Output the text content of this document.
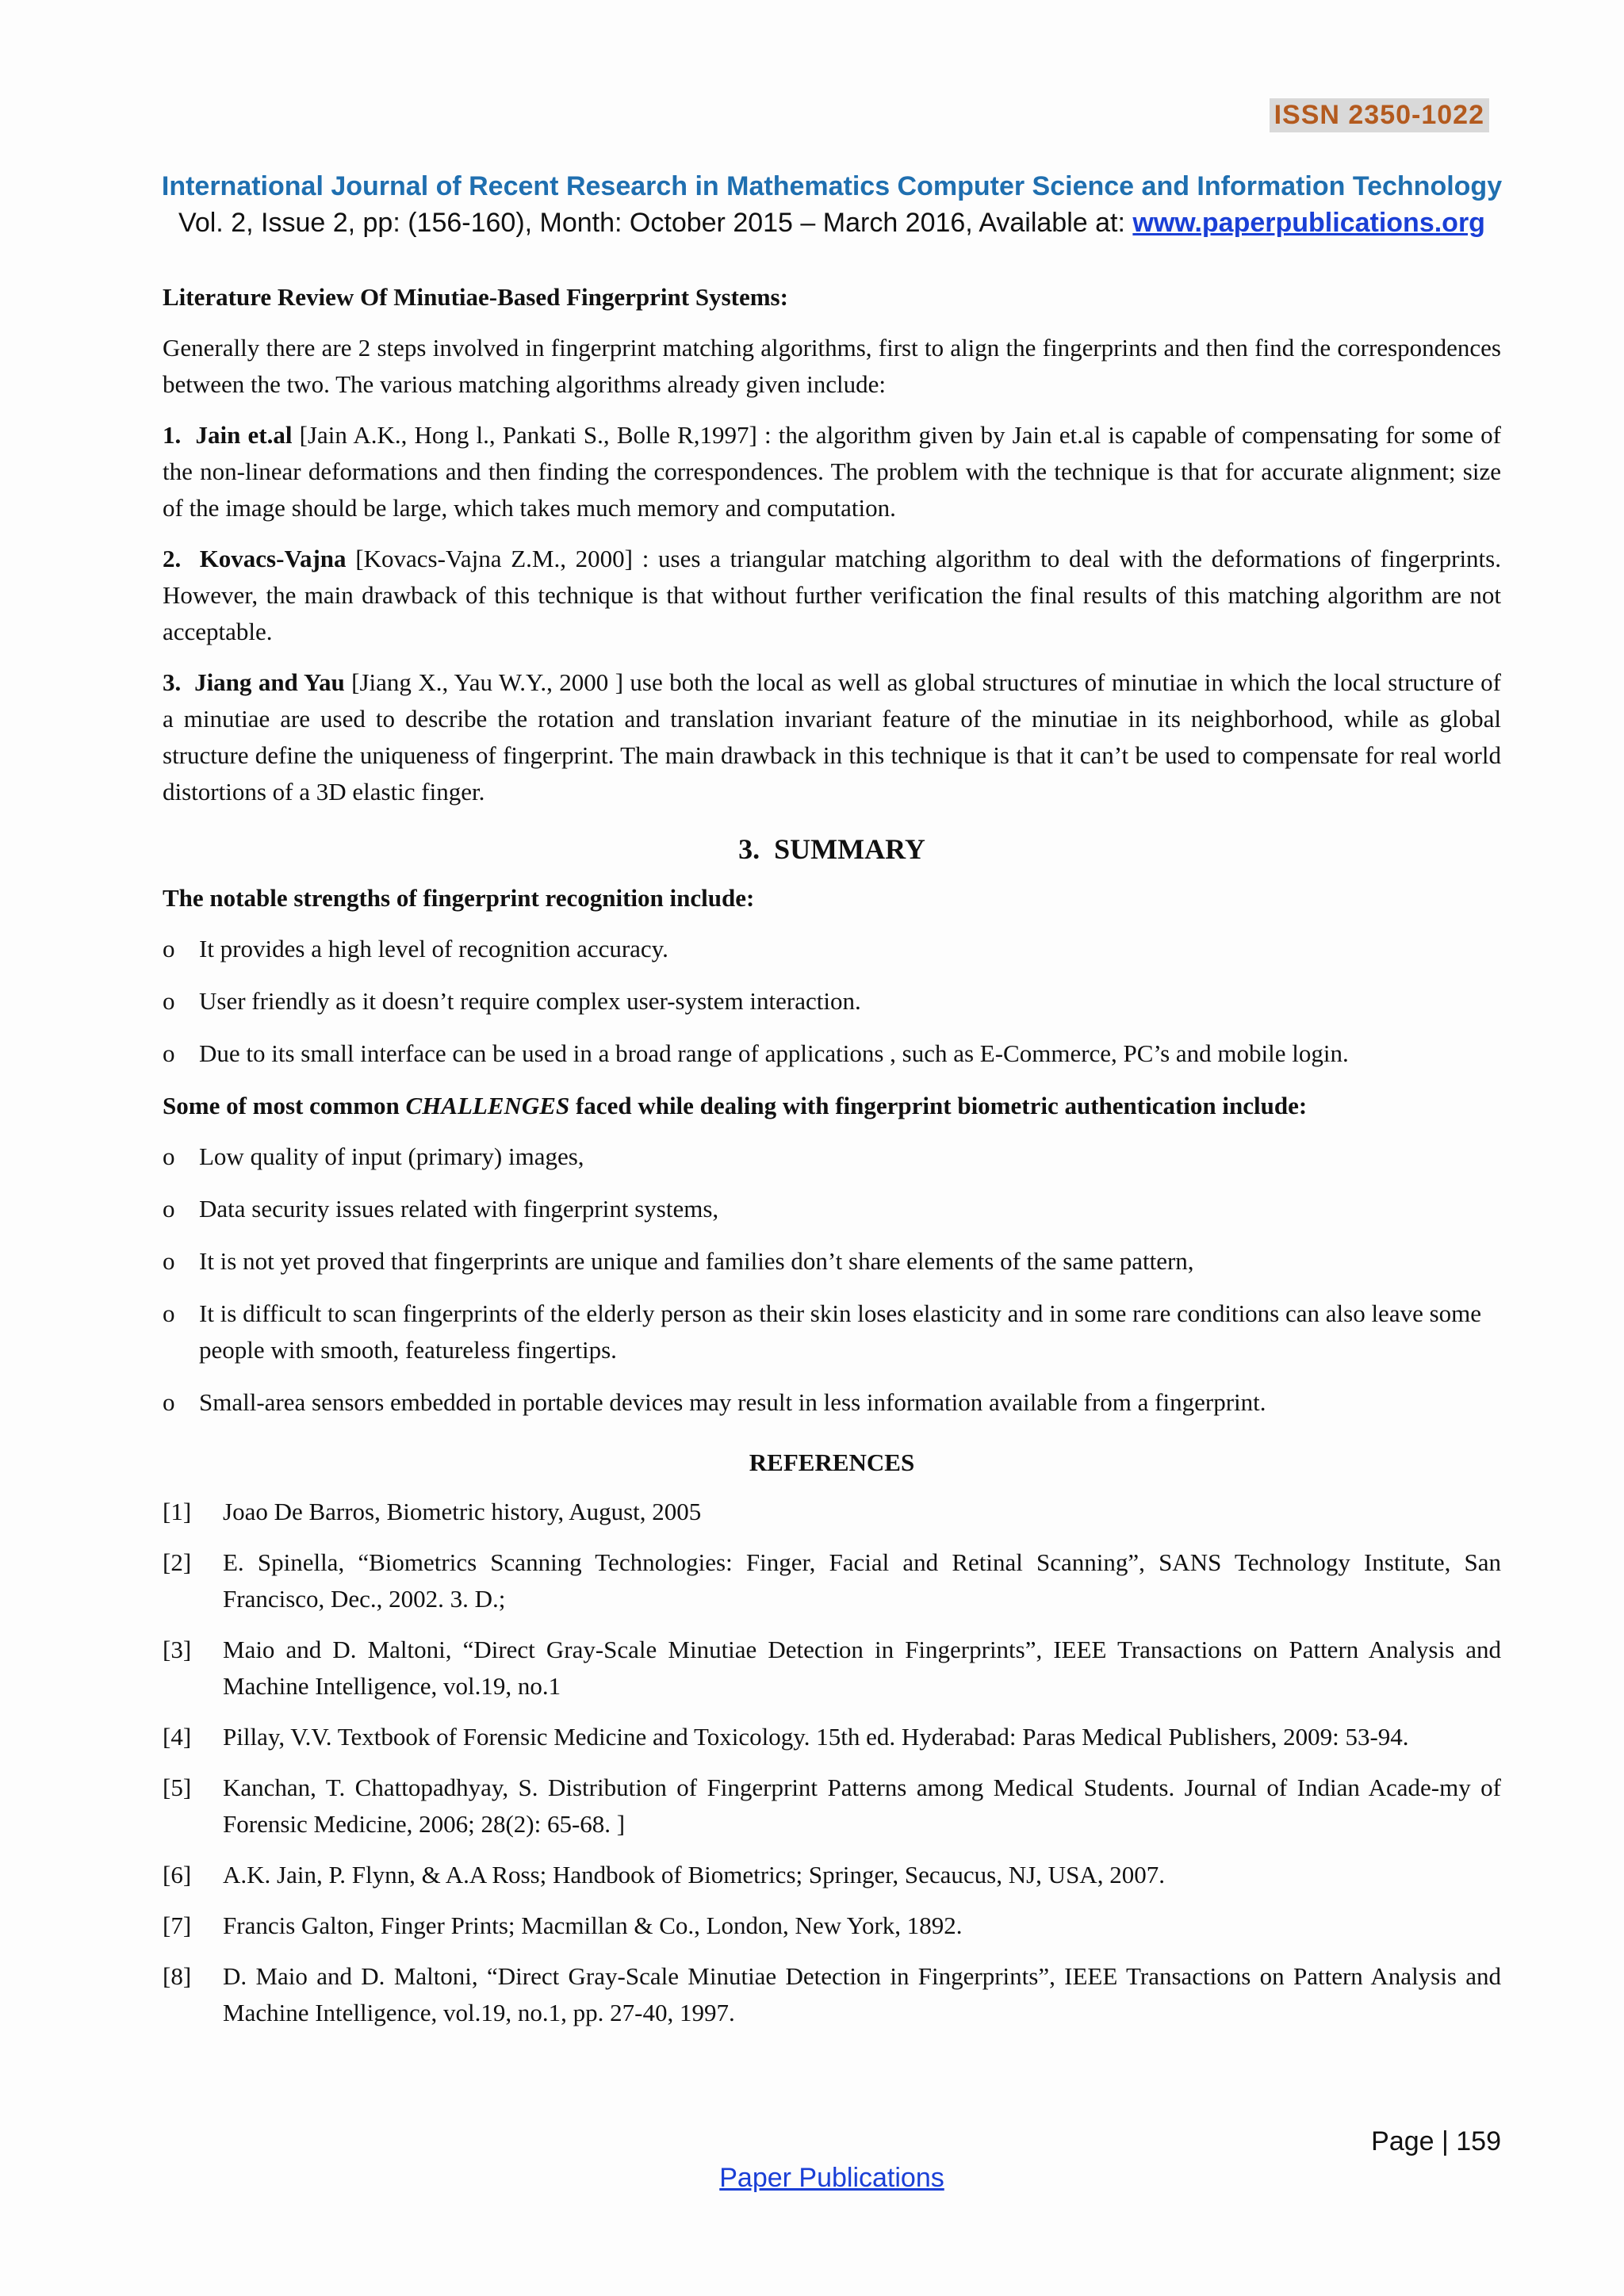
ISSN 2350-1022
International Journal of Recent Research in Mathematics Computer Science and Information Technology
Vol. 2, Issue 2, pp: (156-160), Month: October 2015 – March 2016, Available at: www.paperpublications.org
Literature Review Of Minutiae-Based Fingerprint Systems:

Generally there are 2 steps involved in fingerprint matching algorithms, first to align the fingerprints and then find the correspondences between the two. The various matching algorithms already given include:

1. Jain et.al [Jain A.K., Hong l., Pankati S., Bolle R,1997] : the algorithm given by Jain et.al is capable of compensating for some of the non-linear deformations and then finding the correspondences. The problem with the technique is that for accurate alignment; size of the image should be large, which takes much memory and computation.
2. Kovacs-Vajna [Kovacs-Vajna Z.M., 2000] : uses a triangular matching algorithm to deal with the deformations of fingerprints. However, the main drawback of this technique is that without further verification the final results of this matching algorithm are not acceptable.
3. Jiang and Yau [Jiang X., Yau W.Y., 2000 ] use both the local as well as global structures of minutiae in which the local structure of a minutiae are used to describe the rotation and translation invariant feature of the minutiae in its neighborhood, while as global structure define the uniqueness of fingerprint. The main drawback in this technique is that it can’t be used to compensate for real world distortions of a 3D elastic finger.
3. SUMMARY
The notable strengths of fingerprint recognition include:
o It provides a high level of recognition accuracy.
o User friendly as it doesn’t require complex user-system interaction.
o Due to its small interface can be used in a broad range of applications , such as E-Commerce, PC’s and mobile login.
Some of most common CHALLENGES faced while dealing with fingerprint biometric authentication include:
o Low quality of input (primary) images,
o Data security issues related with fingerprint systems,
o It is not yet proved that fingerprints are unique and families don’t share elements of the same pattern,
o It is difficult to scan fingerprints of the elderly person as their skin loses elasticity and in some rare conditions can also leave some people with smooth, featureless fingertips.
o Small-area sensors embedded in portable devices may result in less information available from a fingerprint.
REFERENCES
[1] Joao De Barros, Biometric history, August, 2005
[2] E. Spinella, “Biometrics Scanning Technologies: Finger, Facial and Retinal Scanning”, SANS Technology Institute, San Francisco, Dec., 2002. 3. D.;
[3] Maio and D. Maltoni, “Direct Gray-Scale Minutiae Detection in Fingerprints”, IEEE Transactions on Pattern Analysis and Machine Intelligence, vol.19, no.1
[4] Pillay, V.V. Textbook of Forensic Medicine and Toxicology. 15th ed. Hyderabad: Paras Medical Publishers, 2009: 53-94.
[5] Kanchan, T. Chattopadhyay, S. Distribution of Fingerprint Patterns among Medical Students. Journal of Indian Acade-my of Forensic Medicine, 2006; 28(2): 65-68. ]
[6] A.K. Jain, P. Flynn, & A.A Ross; Handbook of Biometrics; Springer, Secaucus, NJ, USA, 2007.
[7] Francis Galton, Finger Prints; Macmillan & Co., London, New York, 1892.
[8] D. Maio and D. Maltoni, “Direct Gray-Scale Minutiae Detection in Fingerprints”, IEEE Transactions on Pattern Analysis and Machine Intelligence, vol.19, no.1, pp. 27-40, 1997.
Page | 159
Paper Publications
